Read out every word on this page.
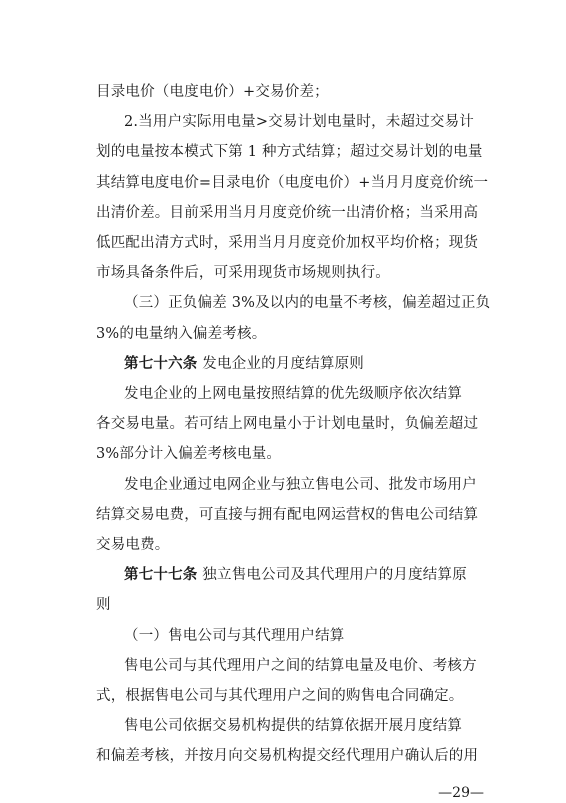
目录电价（电度电价）+交易价差；
2.当用户实际用电量>交易计划电量时，未超过交易计
划的电量按本模式下第 1 种方式结算；超过交易计划的电量
其结算电度电价=目录电价（电度电价）+当月月度竞价统一
出清价差。目前采用当月月度竞价统一出清价格；当采用高
低匹配出清方式时，采用当月月度竞价加权平均价格；现货
市场具备条件后，可采用现货市场规则执行。
（三）正负偏差 3%及以内的电量不考核，偏差超过正负
3%的电量纳入偏差考核。
第七十六条 发电企业的月度结算原则
发电企业的上网电量按照结算的优先级顺序依次结算
各交易电量。若可结上网电量小于计划电量时，负偏差超过
3%部分计入偏差考核电量。
发电企业通过电网企业与独立售电公司、批发市场用户
结算交易电费，可直接与拥有配电网运营权的售电公司结算
交易电费。
第七十七条 独立售电公司及其代理用户的月度结算原
则
（一）售电公司与其代理用户结算
售电公司与其代理用户之间的结算电量及电价、考核方
式，根据售电公司与其代理用户之间的购售电合同确定。
售电公司依据交易机构提供的结算依据开展月度结算
和偏差考核，并按月向交易机构提交经代理用户确认后的用
—29—
